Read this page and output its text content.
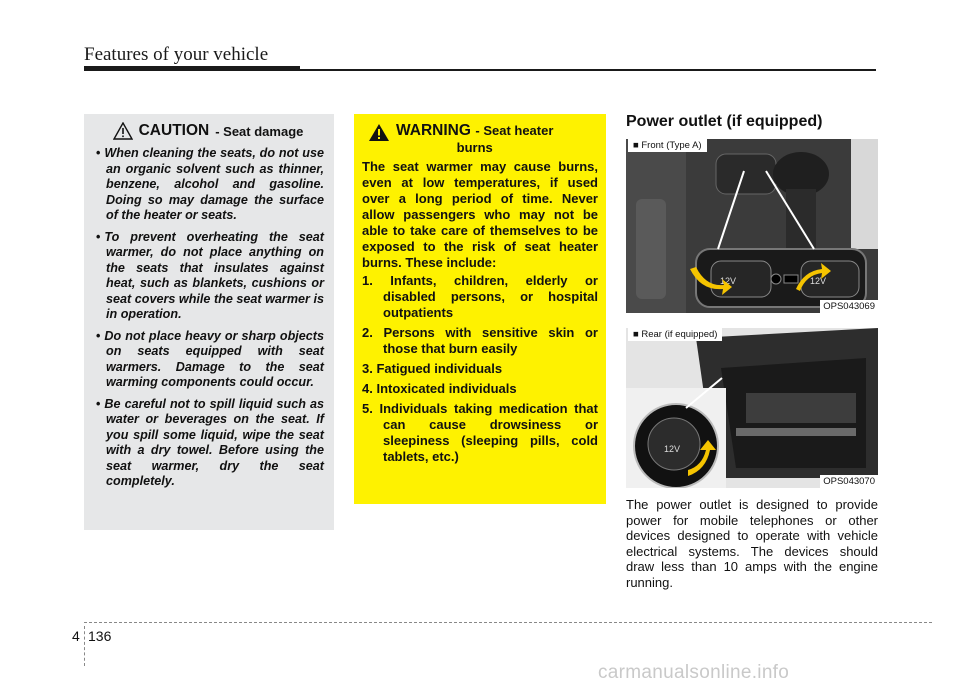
Features of your vehicle
CAUTION - Seat damage
• When cleaning the seats, do not use an organic solvent such as thinner, benzene, alcohol and gasoline. Doing so may damage the surface of the heater or seats.
• To prevent overheating the seat warmer, do not place anything on the seats that insulates against heat, such as blankets, cushions or seat covers while the seat warmer is in operation.
• Do not place heavy or sharp objects on seats equipped with seat warmers. Damage to the seat warming components could occur.
• Be careful not to spill liquid such as water or beverages on the seat. If you spill some liquid, wipe the seat with a dry towel. Before using the seat warmer, dry the seat completely.
WARNING - Seat heater
burns

The seat warmer may cause burns, even at low temperatures, if used over a long period of time. Never allow passengers who may not be able to take care of themselves to be exposed to the risk of seat heater burns. These include:

1. Infants, children, elderly or disabled persons, or hospital outpatients
2. Persons with sensitive skin or those that burn easily
3. Fatigued individuals
4. Intoxicated individuals
5. Individuals taking medication that can cause drowsiness or sleepiness (sleeping pills, cold tablets, etc.)
Power outlet (if equipped)
12V	12V
■ Front (Type A)
OPS043069
12V
■ Rear (if equipped)
OPS043070
The power outlet is designed to provide power for mobile telephones or other devices designed to operate with vehicle electrical systems. The devices should draw less than 10 amps with the engine running.
4 136
carmanualsonline.info
